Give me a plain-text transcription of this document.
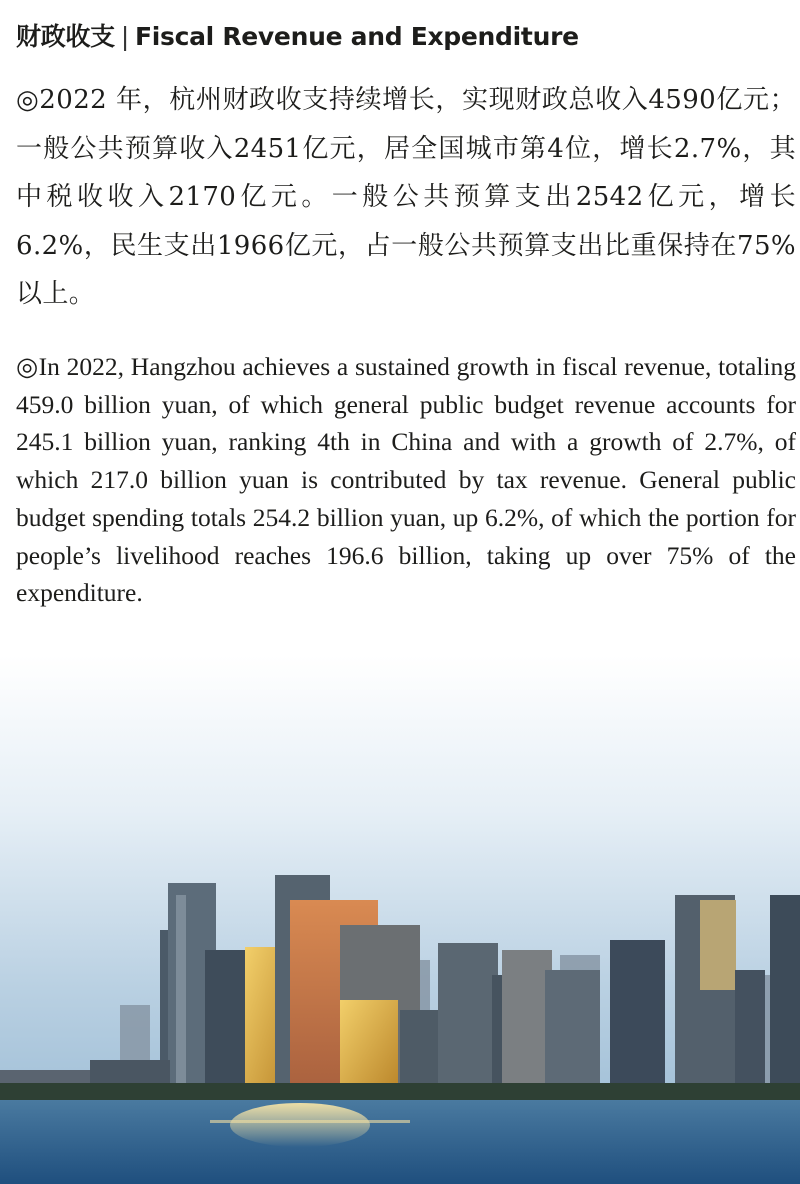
财政收支 | Fiscal Revenue and Expenditure
◎2022 年，杭州财政收支持续增长，实现财政总收入4590亿元；一般公共预算收入2451亿元，居全国城市第4位，增长2.7%，其中税收收入2170亿元。一般公共预算支出2542亿元，增长6.2%，民生支出1966亿元，占一般公共预算支出比重保持在75%以上。
◎In 2022, Hangzhou achieves a sustained growth in fiscal revenue, totaling 459.0 billion yuan, of which general public budget revenue accounts for 245.1 billion yuan, ranking 4th in China and with a growth of 2.7%, of which 217.0 billion yuan is contributed by tax revenue. General public budget spending totals 254.2 billion yuan, up 6.2%, of which the portion for people’s livelihood reaches 196.6 billion, taking up over 75% of the expenditure.
